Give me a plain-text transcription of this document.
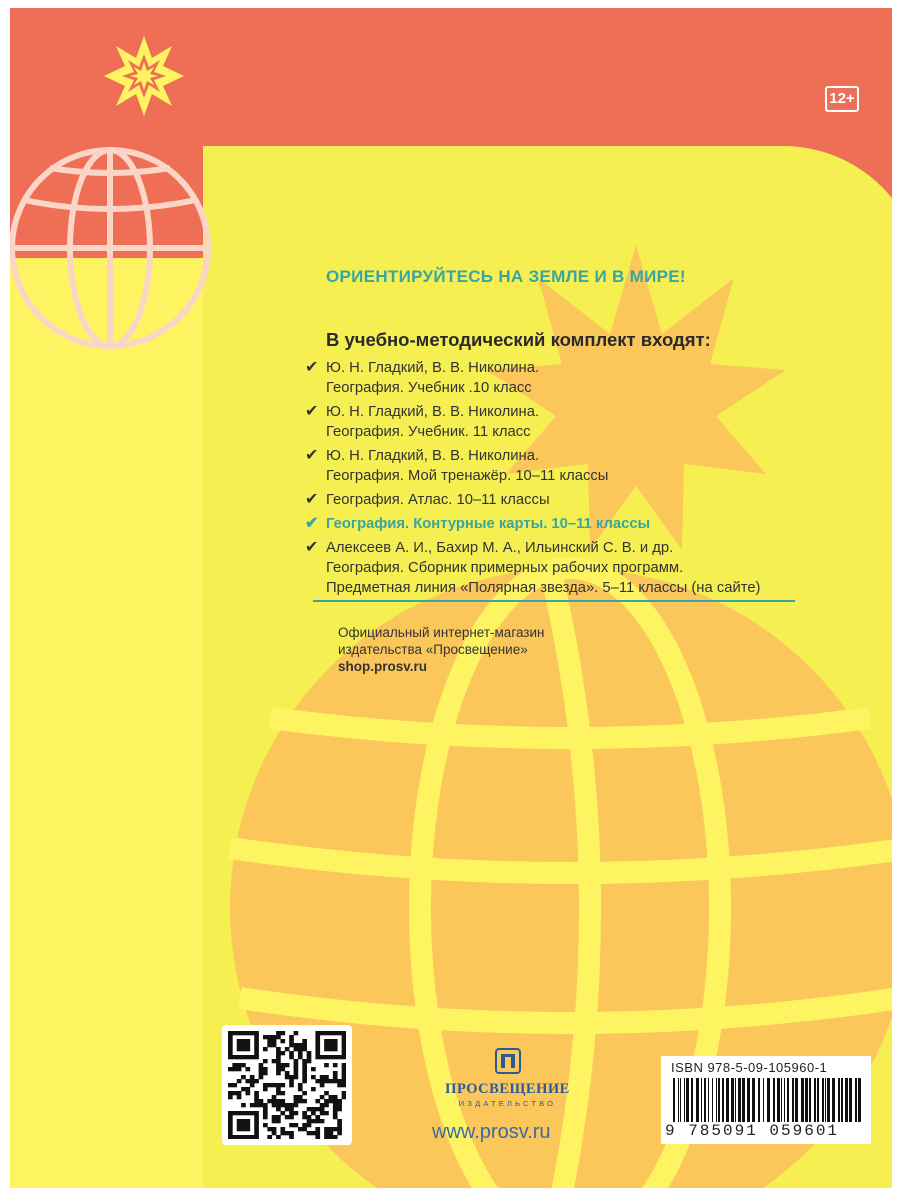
12+
ОРИЕНТИРУЙТЕСЬ НА ЗЕМЛЕ И В МИРЕ!
В учебно-методический комплект входят:
✔ Ю. Н. Гладкий, В. В. Николина.
География. Учебник .10 класс
✔ Ю. Н. Гладкий, В. В. Николина.
География. Учебник. 11 класс
✔ Ю. Н. Гладкий, В. В. Николина.
География. Мой тренажёр. 10–11 классы
✔ География. Атлас. 10–11 классы
✔ География. Контурные карты. 10–11 классы
✔ Алексеев А. И., Бахир М. А., Ильинский С. В. и др.
География. Сборник примерных рабочих программ.
Предметная линия «Полярная звезда». 5–11 классы (на сайте)
Официальный интернет-магазин
издательства «Просвещение»
shop.prosv.ru
ПРОСВЕЩЕНИЕ
ИЗДАТЕЛЬСТВО
www.prosv.ru
ISBN 978-5-09-105960-1
9 785091 059601
